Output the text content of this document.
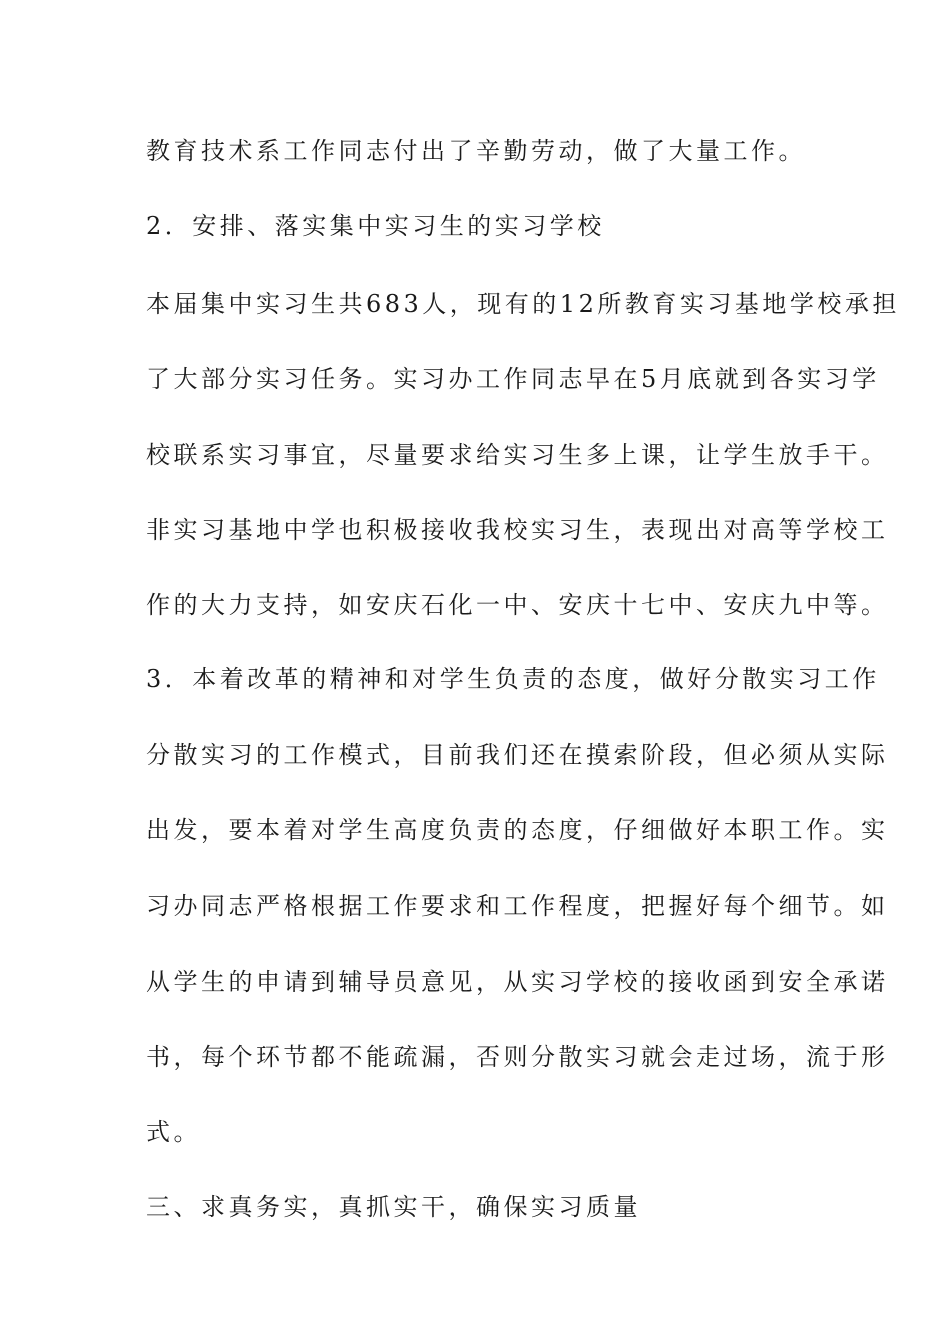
教育技术系工作同志付出了辛勤劳动，做了大量工作。

2．安排、落实集中实习生的实习学校

本届集中实习生共683人，现有的12所教育实习基地学校承担

了大部分实习任务。实习办工作同志早在5月底就到各实习学

校联系实习事宜，尽量要求给实习生多上课，让学生放手干。

非实习基地中学也积极接收我校实习生，表现出对高等学校工

作的大力支持，如安庆石化一中、安庆十七中、安庆九中等。

3．本着改革的精神和对学生负责的态度，做好分散实习工作

分散实习的工作模式，目前我们还在摸索阶段，但必须从实际

出发，要本着对学生高度负责的态度，仔细做好本职工作。实

习办同志严格根据工作要求和工作程度，把握好每个细节。如

从学生的申请到辅导员意见，从实习学校的接收函到安全承诺

书，每个环节都不能疏漏，否则分散实习就会走过场，流于形

式。

三、求真务实，真抓实干，确保实习质量
